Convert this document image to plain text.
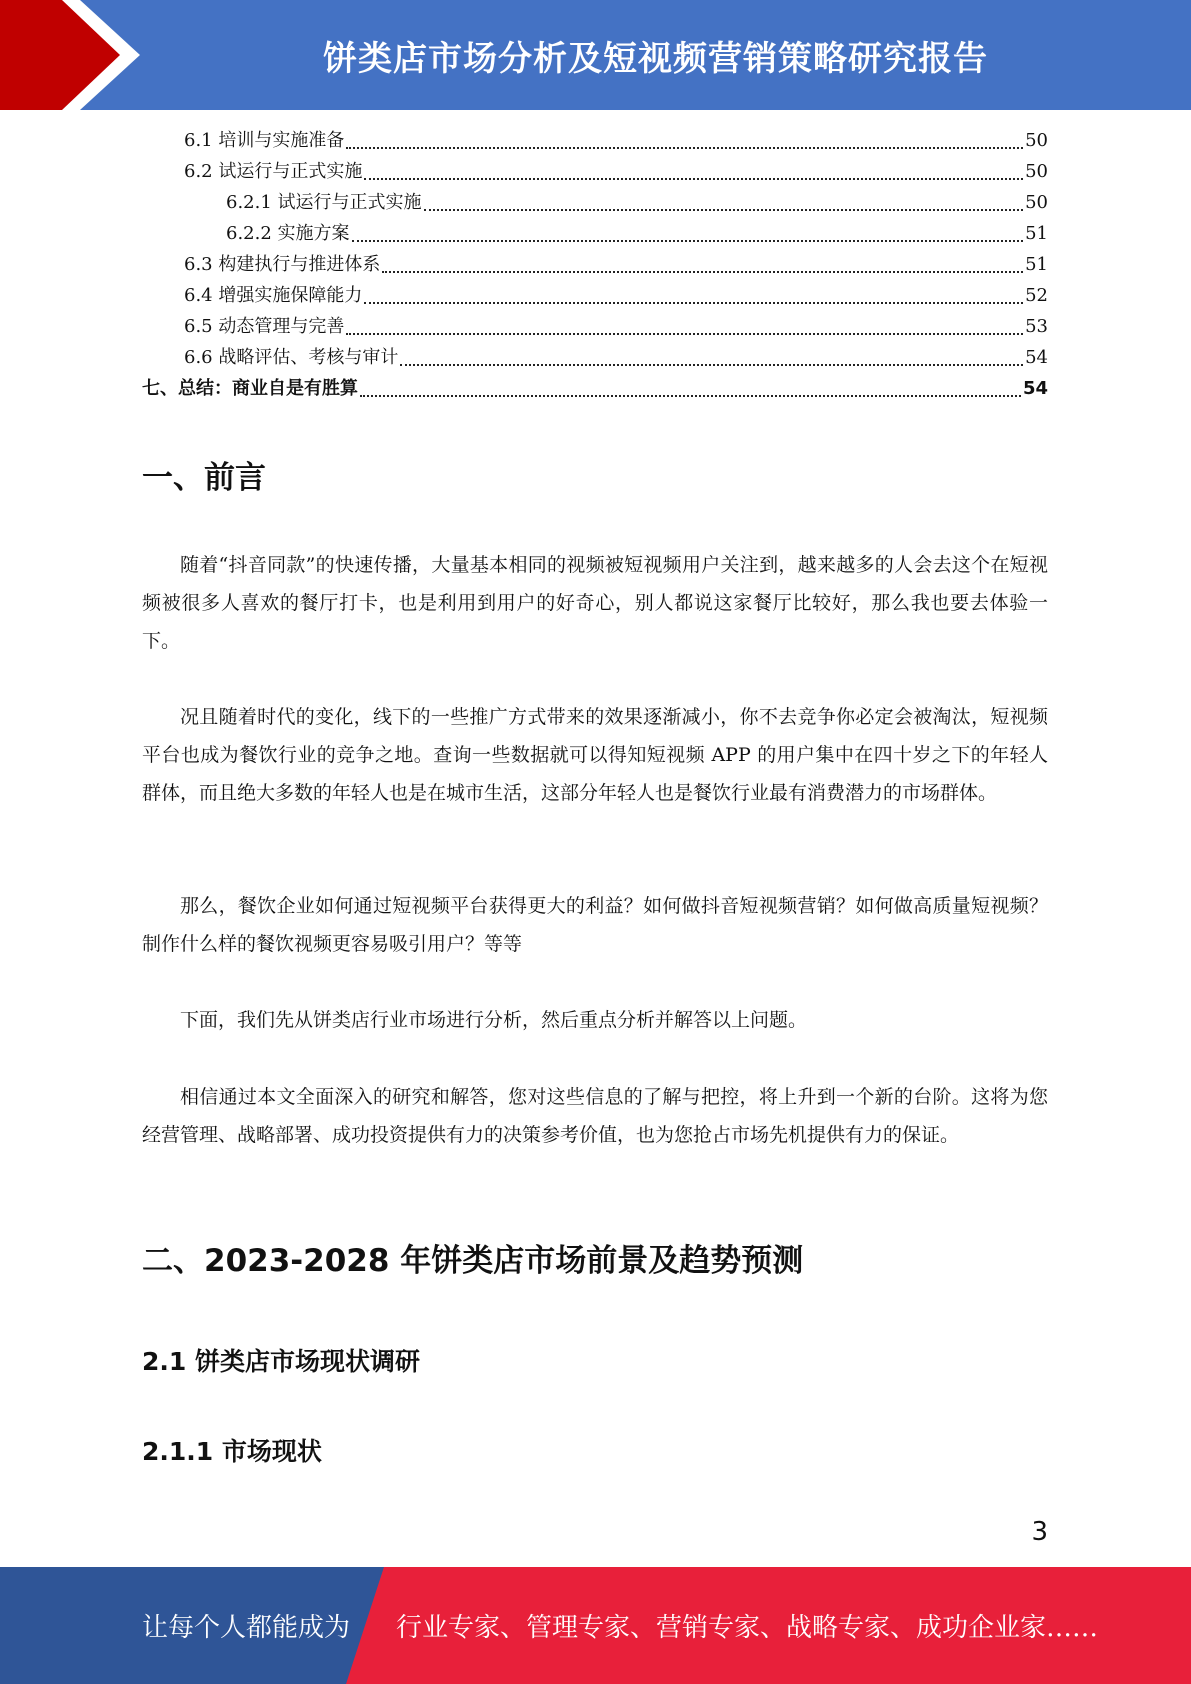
饼类店市场分析及短视频营销策略研究报告
6.1 培训与实施准备	50
6.2 试运行与正式实施	50
6.2.1 试运行与正式实施	50
6.2.2 实施方案	51
6.3 构建执行与推进体系	51
6.4 增强实施保障能力	52
6.5 动态管理与完善	53
6.6 战略评估、考核与审计	54
七、总结：商业自是有胜算	54
一、前言

随着“抖音同款”的快速传播，大量基本相同的视频被短视频用户关注到，越来越多的人会去这个在短视频被很多人喜欢的餐厅打卡，也是利用到用户的好奇心，别人都说这家餐厅比较好，那么我也要去体验一下。

况且随着时代的变化，线下的一些推广方式带来的效果逐渐减小，你不去竞争你必定会被淘汰，短视频平台也成为餐饮行业的竞争之地。查询一些数据就可以得知短视频 APP 的用户集中在四十岁之下的年轻人群体，而且绝大多数的年轻人也是在城市生活，这部分年轻人也是餐饮行业最有消费潜力的市场群体。

那么，餐饮企业如何通过短视频平台获得更大的利益？如何做抖音短视频营销？如何做高质量短视频？制作什么样的餐饮视频更容易吸引用户？等等

下面，我们先从饼类店行业市场进行分析，然后重点分析并解答以上问题。

相信通过本文全面深入的研究和解答，您对这些信息的了解与把控，将上升到一个新的台阶。这将为您经营管理、战略部署、成功投资提供有力的决策参考价值，也为您抢占市场先机提供有力的保证。

二、2023-2028 年饼类店市场前景及趋势预测
2.1 饼类店市场现状调研
2.1.1 市场现状
3
让每个人都能成为 行业专家、管理专家、营销专家、战略专家、成功企业家……
